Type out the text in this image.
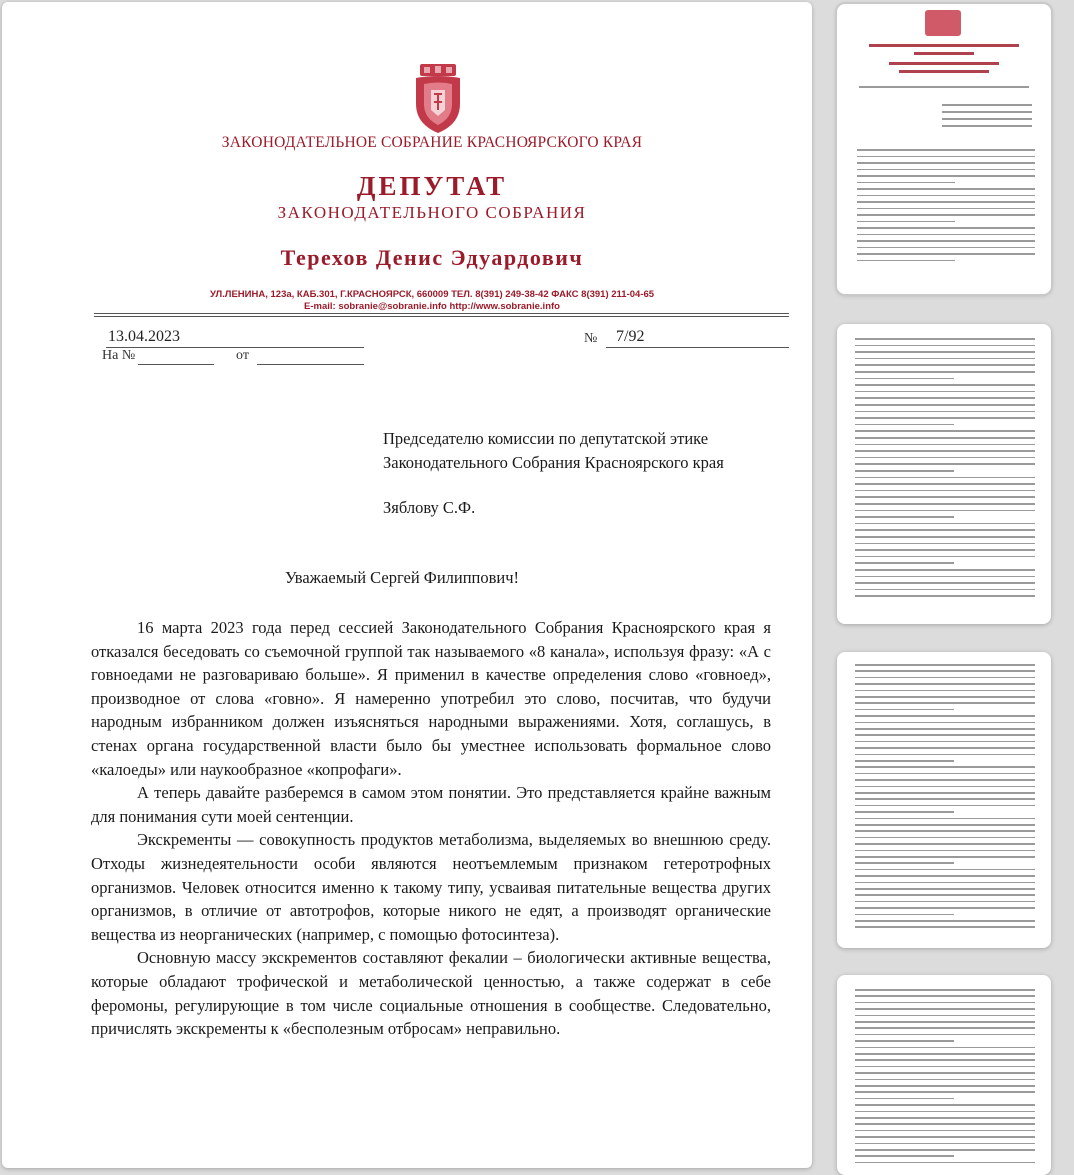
ЗАКОНОДАТЕЛЬНОЕ СОБРАНИЕ КРАСНОЯРСКОГО КРАЯ
ДЕПУТАТ
ЗАКОНОДАТЕЛЬНОГО СОБРАНИЯ
Терехов Денис Эдуардович
УЛ.ЛЕНИНА, 123а, КАБ.301, Г.КРАСНОЯРСК, 660009 ТЕЛ. 8(391) 249-38-42 ФАКС 8(391) 211-04-65
E-mail: sobranie@sobranie.info http://www.sobranie.info
13.04.2023
На №	от
№ 7/92
Председателю комиссии по депутатской этике
Законодательного Собрания Красноярского края
Зяблову С.Ф.
Уважаемый Сергей Филиппович!

16 марта 2023 года перед сессией Законодательного Собрания Красноярского края я отказался беседовать со съемочной группой так называемого «8 канала», используя фразу: «А с говноедами не разговариваю больше». Я применил в качестве определения слово «говноед», производное от слова «говно». Я намеренно употребил это слово, посчитав, что будучи народным избранником должен изъясняться народными выражениями. Хотя, соглашусь, в стенах органа государственной власти было бы уместнее использовать формальное слово «калоеды» или наукообразное «копрофаги».

А теперь давайте разберемся в самом этом понятии. Это представляется крайне важным для понимания сути моей сентенции.

Экскременты — совокупность продуктов метаболизма, выделяемых во внешнюю среду. Отходы жизнедеятельности особи являются неотъемлемым признаком гетеротрофных организмов. Человек относится именно к такому типу, усваивая питательные вещества других организмов, в отличие от автотрофов, которые никого не едят, а производят органические вещества из неорганических (например, с помощью фотосинтеза).

Основную массу экскрементов составляют фекалии – биологически активные вещества, которые обладают трофической и метаболической ценностью, а также содержат в себе феромоны, регулирующие в том числе социальные отношения в сообществе. Следовательно, причислять экскременты к «бесполезным отбросам» неправильно.
